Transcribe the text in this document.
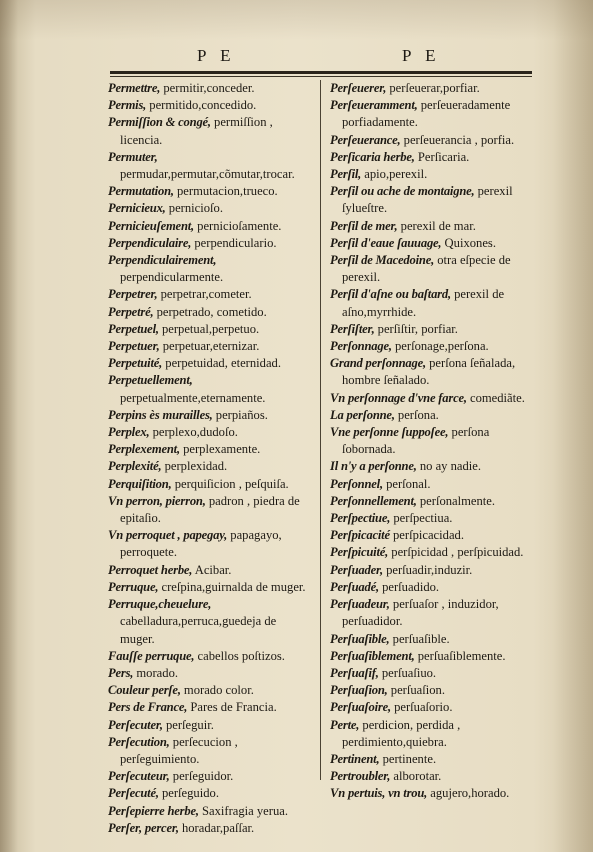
P E	P E

Permettre, permitir,conceder.

Permis, permitido,concedido.

Permiſſion & congé, permiſſion , licencia.

Permuter, permudar,permutar,cõmutar,trocar.

Permutation, permutacion,trueco.

Pernicieux, pernicioſo.

Pernicieuſement, pernicioſamente.

Perpendiculaire, perpendiculario.

Perpendiculairement, perpendicularmente.

Perpetrer, perpetrar,cometer.

Perpetré, perpetrado, cometido.

Perpetuel, perpetual,perpetuo.

Perpetuer, perpetuar,eternizar.

Perpetuité, perpetuidad, eternidad.

Perpetuellement, perpetualmente,eternamente.

Perpins ès murailles, perpiaños.

Perplex, perplexo,dudoſo.

Perplexement, perplexamente.

Perplexité, perplexidad.

Perquiſition, perquiſicion , peſquiſa.

Vn perron, pierron, padron , piedra de epitaſio.

Vn perroquet , papegay, papagayo, perroquete.

Perroquet herbe, Acibar.

Perruque, creſpina,guirnalda de muger.

Perruque,cheuelure, cabelladura,perruca,guedeja de muger.

Fauſſe perruque, cabellos poſtizos.

Pers, morado.

Couleur perſe, morado color.

Pers de France, Pares de Francia.

Perſecuter, perſeguir.

Perſecution, perſecucion , perſeguimiento.

Perſecuteur, perſeguidor.

Perſecuté, perſeguido.

Perſepierre herbe, Saxifragia yerua.

Perſer, percer, horadar,paſſar.

Perſeuerer, perſeuerar,porfiar.

Perſeueramment, perſeueradamente porfiadamente.

Perſeuerance, perſeuerancia , porfia.

Perſicaria herbe, Perſicaria.

Perſil, apio,perexil.

Perſil ou ache de montaigne, perexil ſylueſtre.

Perſil de mer, perexil de mar.

Perſil d'eaue ſauuage, Quixones.

Perſil de Macedoine, otra eſpecie de perexil.

Perſil d'aſne ou baſtard, perexil de aſno,myrrhide.

Perſiſter, perſiſtir, porfiar.

Perſonnage, perſonage,perſona.

Grand perſonnage, perſona ſeñalada, hombre ſeñalado.

Vn perſonnage d'vne farce, comediãte.

La perſonne, perſona.

Vne perſonne ſuppoſee, perſona ſobornada.

Il n'y a perſonne, no ay nadie.

Perſonnel, perſonal.

Perſonnellement, perſonalmente.

Perſpectiue, perſpectiua.

Perſpicacité perſpicacidad.

Perſpicuité, perſpicidad , perſpicuidad.

Perſuader, perſuadir,induzir.

Perſuadé, perſuadido.

Perſuadeur, perſuaſor , induzidor, perſuadidor.

Perſuaſible, perſuaſible.

Perſuaſiblement, perſuaſiblemente.

Perſuaſif, perſuaſiuo.

Perſuaſion, perſuaſion.

Perſuaſoire, perſuaſorio.

Perte, perdicion, perdida , perdimiento,quiebra.

Pertinent, pertinente.

Pertroubler, alborotar.

Vn pertuis, vn trou, agujero,horado.
